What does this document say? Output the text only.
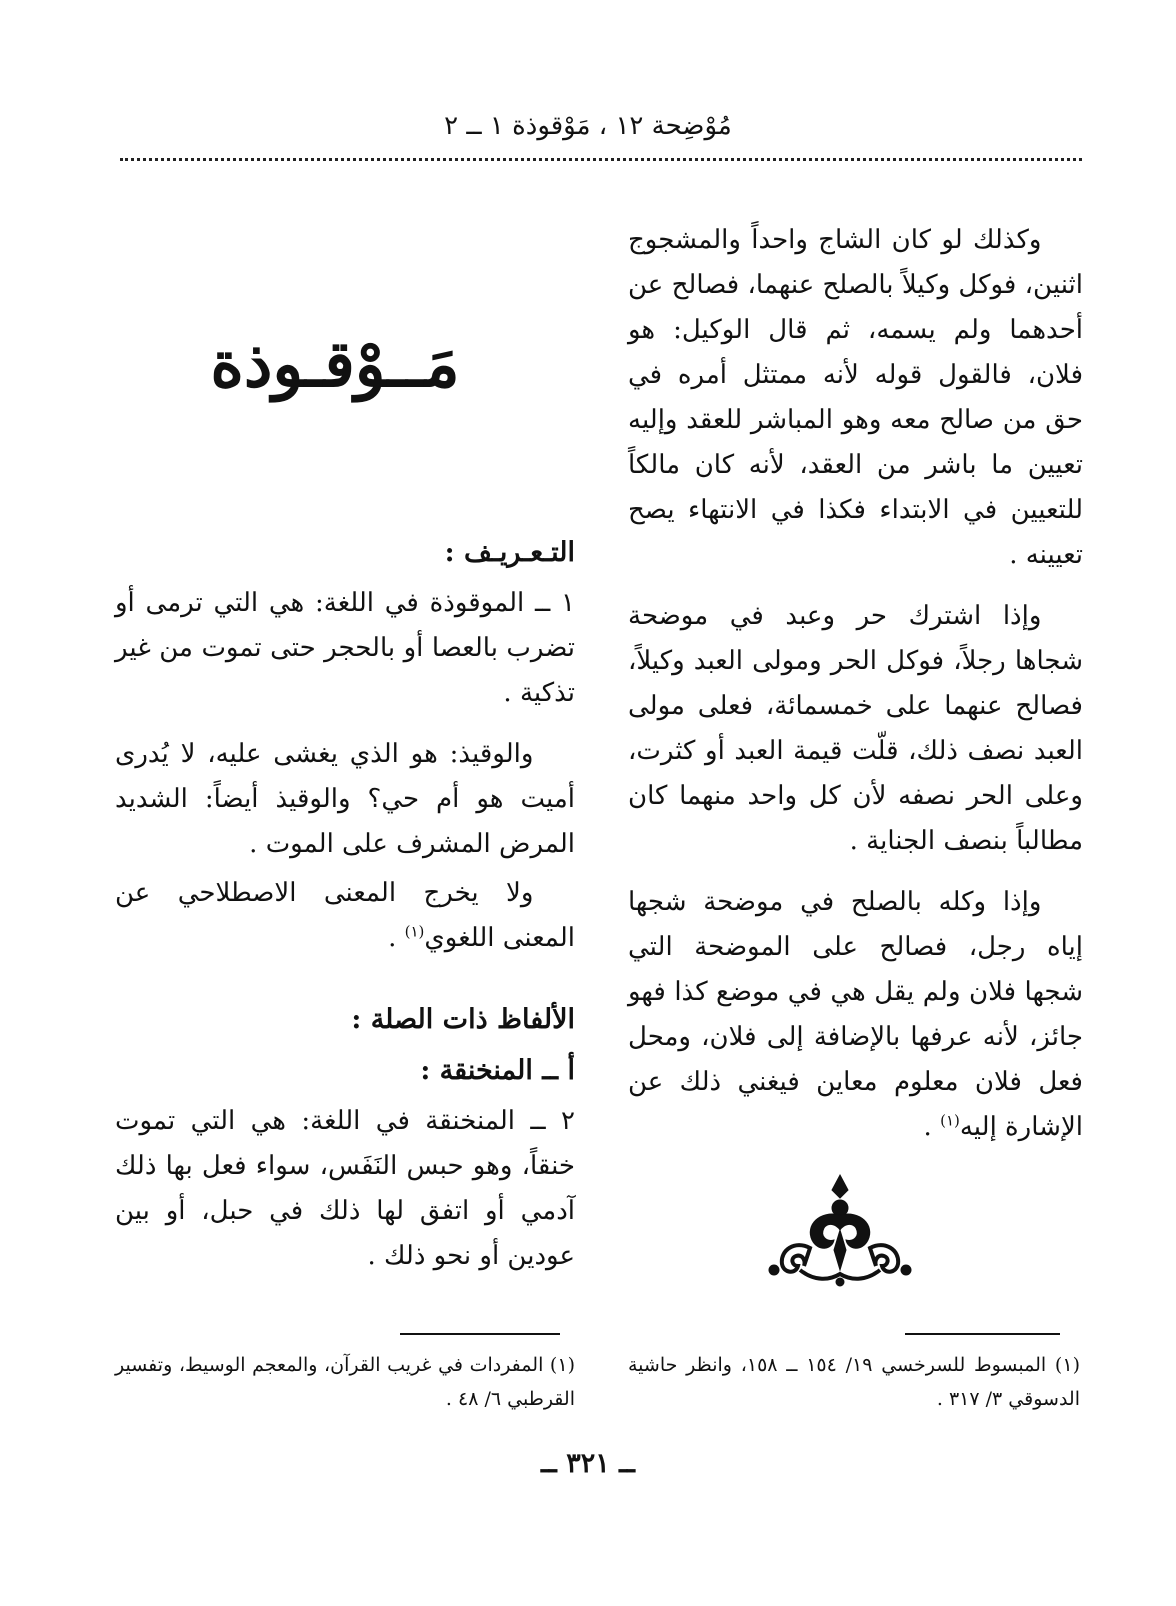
مُوْضِحة ١٢ ، مَوْقوذة ١ ــ ٢

وكذلك لو كان الشاج واحداً والمشجوج اثنين، فوكل وكيلاً بالصلح عنهما، فصالح عن أحدهما ولم يسمه، ثم قال الوكيل: هو فلان، فالقول قوله لأنه ممتثل أمره في حق من صالح معه وهو المباشر للعقد وإليه تعيين ما باشر من العقد، لأنه كان مالكاً للتعيين في الابتداء فكذا في الانتهاء يصح تعيينه .

وإذا اشترك حر وعبد في موضحة شجاها رجلاً، فوكل الحر ومولى العبد وكيلاً، فصالح عنهما على خمسمائة، فعلى مولى العبد نصف ذلك، قلّت قيمة العبد أو كثرت، وعلى الحر نصفه لأن كل واحد منهما كان مطالباً بنصف الجناية .

وإذا وكله بالصلح في موضحة شجها إياه رجل، فصالح على الموضحة التي شجها فلان ولم يقل هي في موضع كذا فهو جائز، لأنه عرفها بالإضافة إلى فلان، ومحل فعل فلان معلوم معاين فيغني ذلك عن الإشارة إليه$^{(١)}$ .

مَــوْقـوذة
التـعـريـف :

١ ــ الموقوذة في اللغة: هي التي ترمى أو تضرب بالعصا أو بالحجر حتى تموت من غير تذكية .

والوقيذ: هو الذي يغشى عليه، لا يُدرى أميت هو أم حي؟ والوقيذ أيضاً: الشديد المرض المشرف على الموت .

ولا يخرج المعنى الاصطلاحي عن المعنى اللغوي$^{(١)}$ .

الألفاظ ذات الصلة :
أ ــ المنخنقة :

٢ ــ المنخنقة في اللغة: هي التي تموت خنقاً، وهو حبس النَفَس، سواء فعل بها ذلك آدمي أو اتفق لها ذلك في حبل، أو بين عودين أو نحو ذلك .

(١) المبسوط للسرخسي ١٩/ ١٥٤ ــ ١٥٨، وانظر حاشية الدسوقي ٣/ ٣١٧ .
(١) المفردات في غريب القرآن، والمعجم الوسيط، وتفسير القرطبي ٦/ ٤٨ .
ــ ٣٢١ ــ
